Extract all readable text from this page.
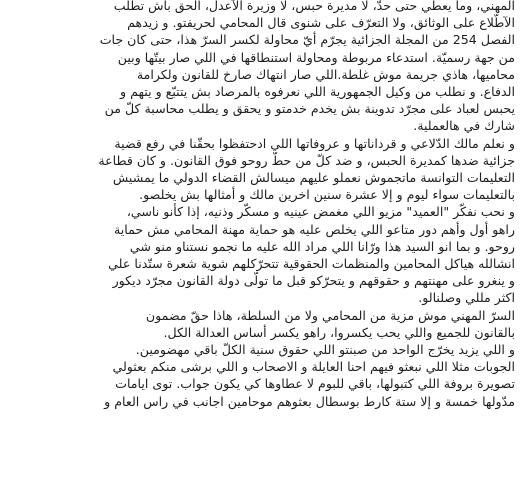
المهني، وما يعطي حتى حدّ، لا مديرة حبس، لا وزيرة الآعدل، الحق باش تطلب
الآطّلاع على الوثائق، ولا التعرّف على شنوى قال المحامي لحريفتو. و زيدهم
الفصل 254 من المجلة الجزائية يجرّم أيّ محاولة لكسر السرّ هذا، حتى كان جات
من جهة رسميّة. استدعاء مربوطة ومحاولة استنطاقها في اللي صار بيتّها وبين
محاميها، هاذي جريمة موش غلطة.اللي صار انتهاك صارخ للقانون ولكرامة
الدفاع. و نطلب من وكيل الجمهورية اللي نعرفوه بالمرصاد بش يتتبّع و يتهم و
يحبس لعباد على مجرّد تدوينة بش يخدم خدمتو و يحقق و يطلب محاسبة كلّ من
شارك في هالعملية.
و نعلم مالك الدّلاعي و قرداناتها و عروفاتها اللي ادحتفظوا بحقّنا في رفع قضية
جزائية ضدها كمديرة الحبس، و ضد كلّ من حطّ روحو فوق القانون. و كان قطاعة
التعليمات التوانسة ماتجموش نعملو عليهم ميسالش القضاء الدولي ما يمشيش
بالتعليمات سواء ليوم و إلا عشرة سنين اخرين مالك و أمثالها بش يخلصو.
و نحب نفكّر "العميد" مزيو اللي مغمض عينيه و مسكّر وذنيه، إذا كأنو ناسي،
راهو أول وأهم دور متاعو اللي يخلص عليه هو حماية مهنة المحامي مش حماية
روحو. و بما انو السيد هذا ورّانا اللي مراد الله عليه ما نجمو نستناو منو شي
انشالله هياكل المحامين والمنظمات الحقوقية تتحرّكلهم شوية شعرة ستّدنا علي
و ينغرو على مهنتهم و حقوقهم و يتحرّكو قبل ما تولّى دولة القانون مجرّد ديكور
اكثر مللي وصلنالو.
السرّ المهني موش مزية من المحامي ولا من السلطة، هاذا حقّ مضمون
بالقانون للجميع واللي يحب يكسروا، راهو يكسر أساس العدالة الكل.
و اللي يزيد يخرّج الواحد من صبنتو اللي حقوق سنية الكلّ باقي مهضومين.
الجوبات مثلا اللي نبعثو فيهم احنا العايلة و الاصحاب و اللي برشى منكم بعثولي
تصويرة بروفة اللي كتبولها، باقي للبوم لا عطاوها كي يكون جواب. توى ايامات
مدّولها خمسة و إلا ستة كارط بوسطال بعثوهم موحامين اجانب في راس العام و
